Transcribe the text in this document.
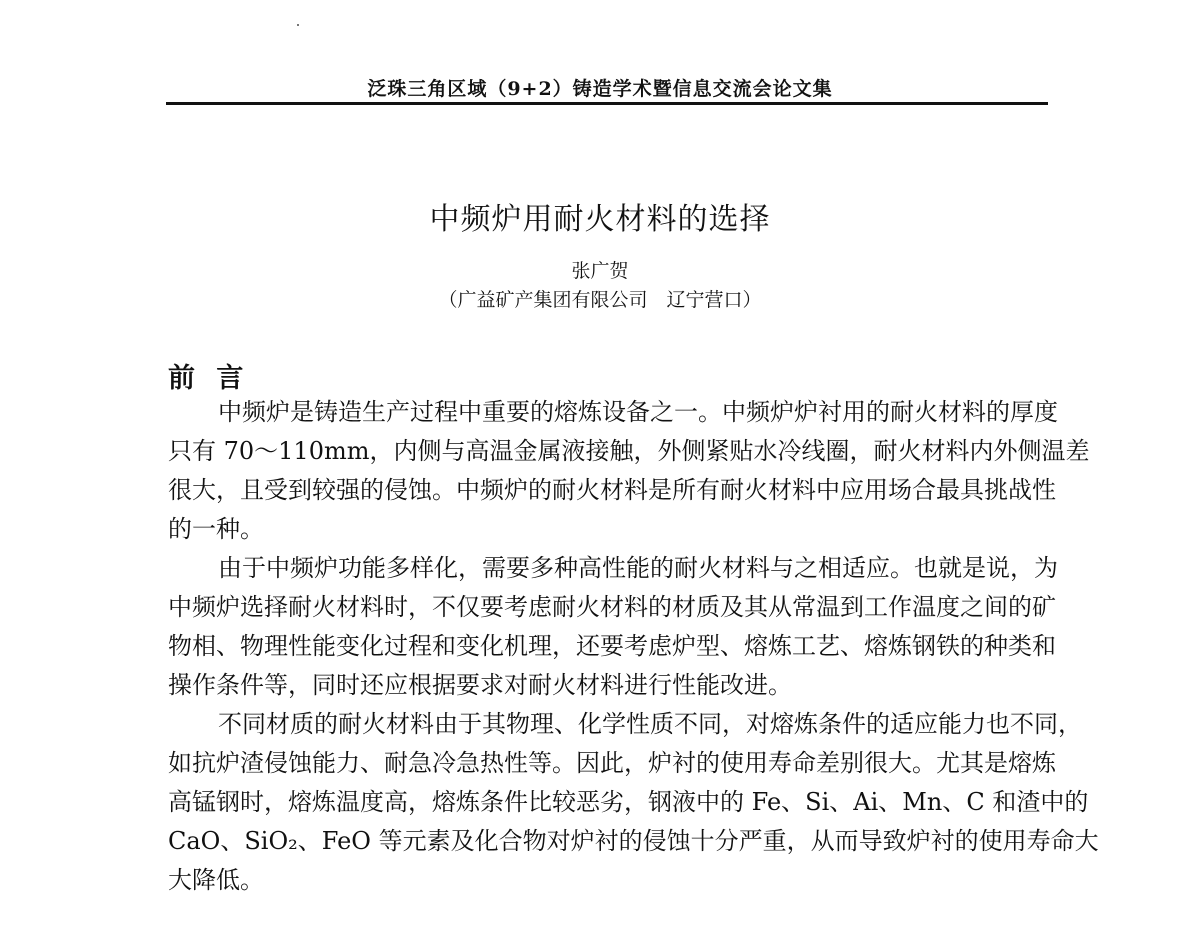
泛珠三角区域（9+2）铸造学术暨信息交流会论文集
中频炉用耐火材料的选择
张广贺
（广益矿产集团有限公司　辽宁营口）
前 言
中频炉是铸造生产过程中重要的熔炼设备之一。中频炉炉衬用的耐火材料的厚度
只有 70～110mm，内侧与高温金属液接触，外侧紧贴水冷线圈，耐火材料内外侧温差
很大，且受到较强的侵蚀。中频炉的耐火材料是所有耐火材料中应用场合最具挑战性
的一种。
由于中频炉功能多样化，需要多种高性能的耐火材料与之相适应。也就是说，为
中频炉选择耐火材料时，不仅要考虑耐火材料的材质及其从常温到工作温度之间的矿
物相、物理性能变化过程和变化机理，还要考虑炉型、熔炼工艺、熔炼钢铁的种类和
操作条件等，同时还应根据要求对耐火材料进行性能改进。
不同材质的耐火材料由于其物理、化学性质不同，对熔炼条件的适应能力也不同，
如抗炉渣侵蚀能力、耐急冷急热性等。因此，炉衬的使用寿命差别很大。尤其是熔炼
高锰钢时，熔炼温度高，熔炼条件比较恶劣，钢液中的 Fe、Si、Ai、Mn、C 和渣中的
CaO、SiO₂、FeO 等元素及化合物对炉衬的侵蚀十分严重，从而导致炉衬的使用寿命大
大降低。
